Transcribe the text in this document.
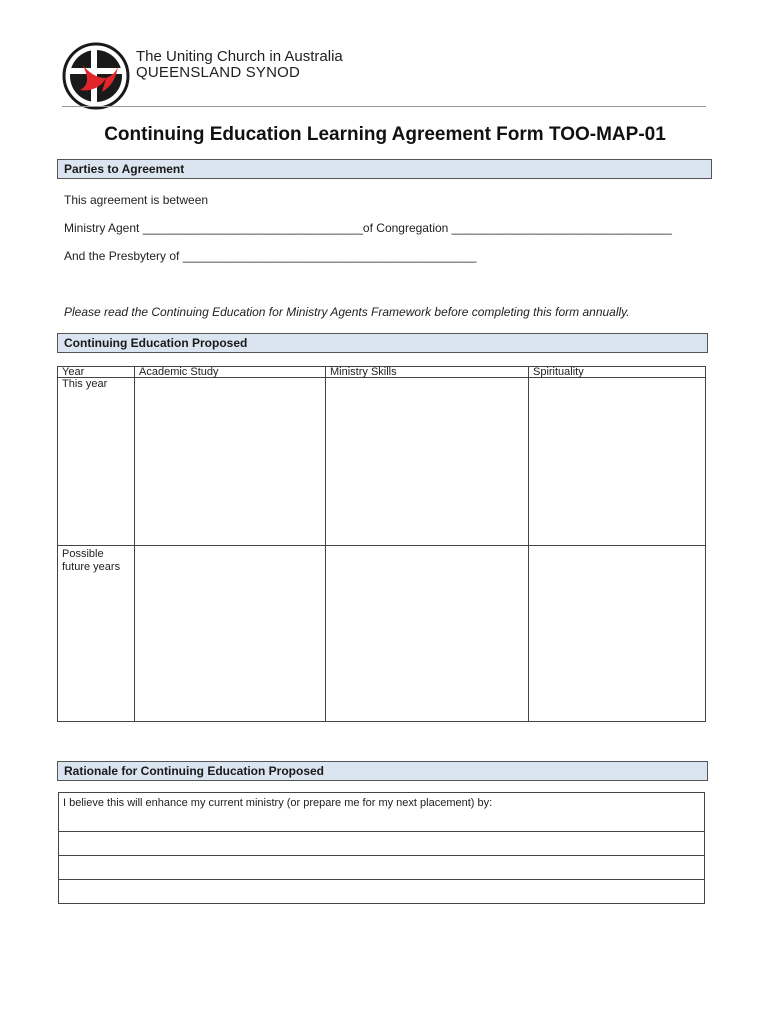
The Uniting Church in Australia
QUEENSLAND SYNOD
Continuing Education Learning Agreement Form TOO-MAP-01
Parties to Agreement
This agreement is between
Ministry Agent _________________________________of Congregation _________________________________
And the Presbytery of ____________________________________________
Please read the Continuing Education for Ministry Agents Framework before completing this form annually.
Continuing Education Proposed
Year	Academic Study	Ministry Skills	Spirituality
This year			
Possible future years			
Rationale for Continuing Education Proposed
I believe this will enhance my current ministry (or prepare me for my next placement) by:
